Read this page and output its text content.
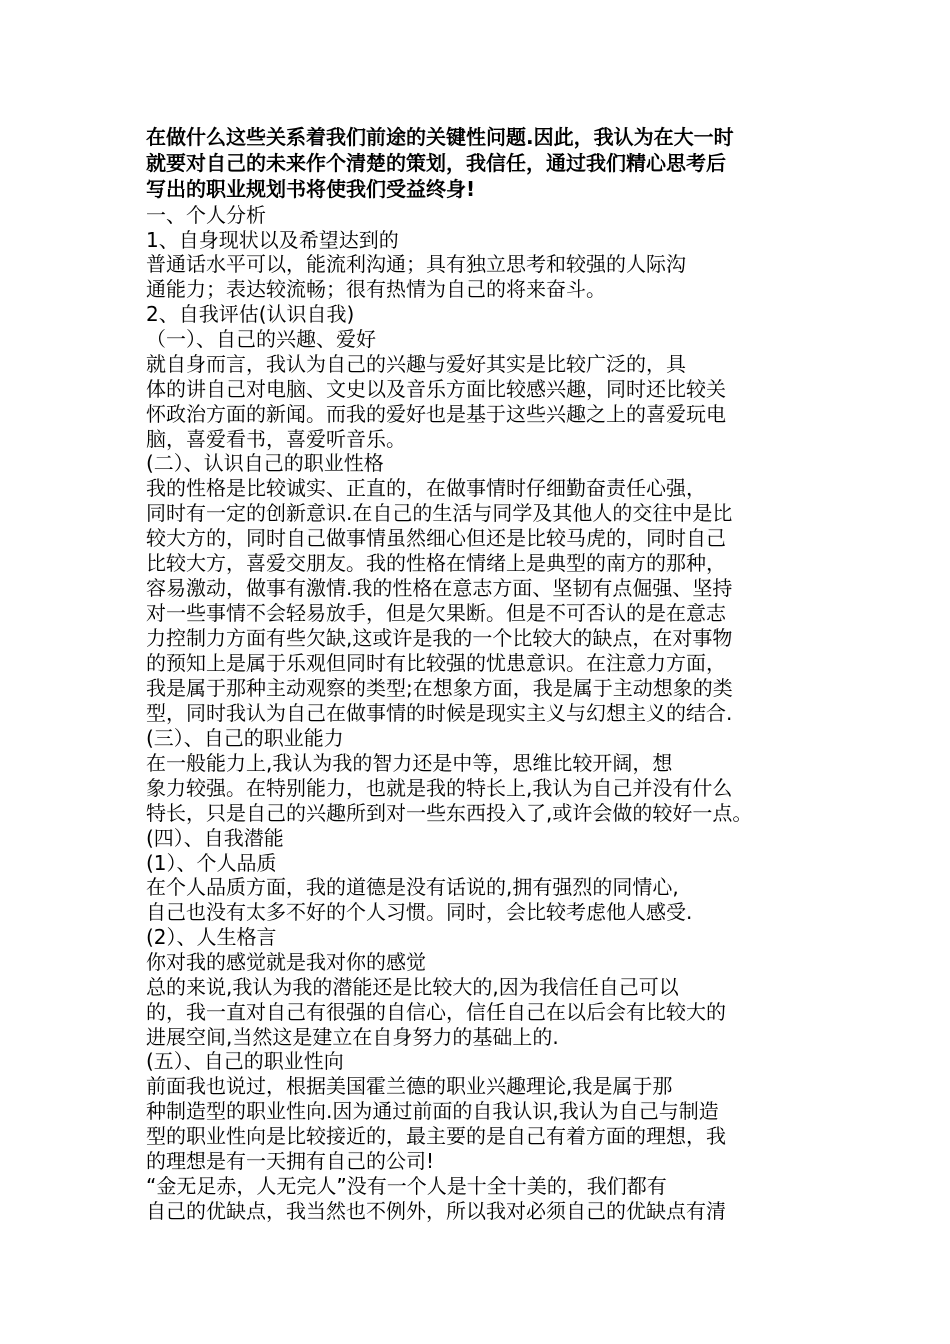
在做什么这些关系着我们前途的关键性问题.因此，我认为在大一时
就要对自己的未来作个清楚的策划，我信任，通过我们精心思考后
写出的职业规划书将使我们受益终身!
一、个人分析
1、自身现状以及希望达到的
普通话水平可以，能流利沟通；具有独立思考和较强的人际沟
通能力；表达较流畅；很有热情为自己的将来奋斗。
2、自我评估(认识自我)
（一）、自己的兴趣、爱好
就自身而言，我认为自己的兴趣与爱好其实是比较广泛的，具
体的讲自己对电脑、文史以及音乐方面比较感兴趣，同时还比较关
怀政治方面的新闻。而我的爱好也是基于这些兴趣之上的喜爱玩电
脑，喜爱看书，喜爱听音乐。
(二）、认识自己的职业性格
我的性格是比较诚实、正直的，在做事情时仔细勤奋责任心强，
同时有一定的创新意识.在自己的生活与同学及其他人的交往中是比
较大方的，同时自己做事情虽然细心但还是比较马虎的，同时自己
比较大方，喜爱交朋友。我的性格在情绪上是典型的南方的那种，
容易激动，做事有激情.我的性格在意志方面、坚韧有点倔强、坚持
对一些事情不会轻易放手，但是欠果断。但是不可否认的是在意志
力控制力方面有些欠缺,这或许是我的一个比较大的缺点，在对事物
的预知上是属于乐观但同时有比较强的忧患意识。在注意力方面，
我是属于那种主动观察的类型;在想象方面，我是属于主动想象的类
型，同时我认为自己在做事情的时候是现实主义与幻想主义的结合.
(三）、自己的职业能力
在一般能力上,我认为我的智力还是中等，思维比较开阔，想
象力较强。在特别能力，也就是我的特长上,我认为自己并没有什么
特长，只是自己的兴趣所到对一些东西投入了,或许会做的较好一点。
(四）、自我潜能
(1）、个人品质
在个人品质方面，我的道德是没有话说的,拥有强烈的同情心,
自己也没有太多不好的个人习惯。同时，会比较考虑他人感受.
(2）、人生格言
你对我的感觉就是我对你的感觉
总的来说,我认为我的潜能还是比较大的,因为我信任自己可以
的，我一直对自己有很强的自信心，信任自己在以后会有比较大的
进展空间,当然这是建立在自身努力的基础上的.
(五）、自己的职业性向
前面我也说过，根据美国霍兰德的职业兴趣理论,我是属于那
种制造型的职业性向.因为通过前面的自我认识,我认为自己与制造
型的职业性向是比较接近的，最主要的是自己有着方面的理想，我
的理想是有一天拥有自己的公司!
“金无足赤，人无完人”没有一个人是十全十美的，我们都有
自己的优缺点，我当然也不例外，所以我对必须自己的优缺点有清
